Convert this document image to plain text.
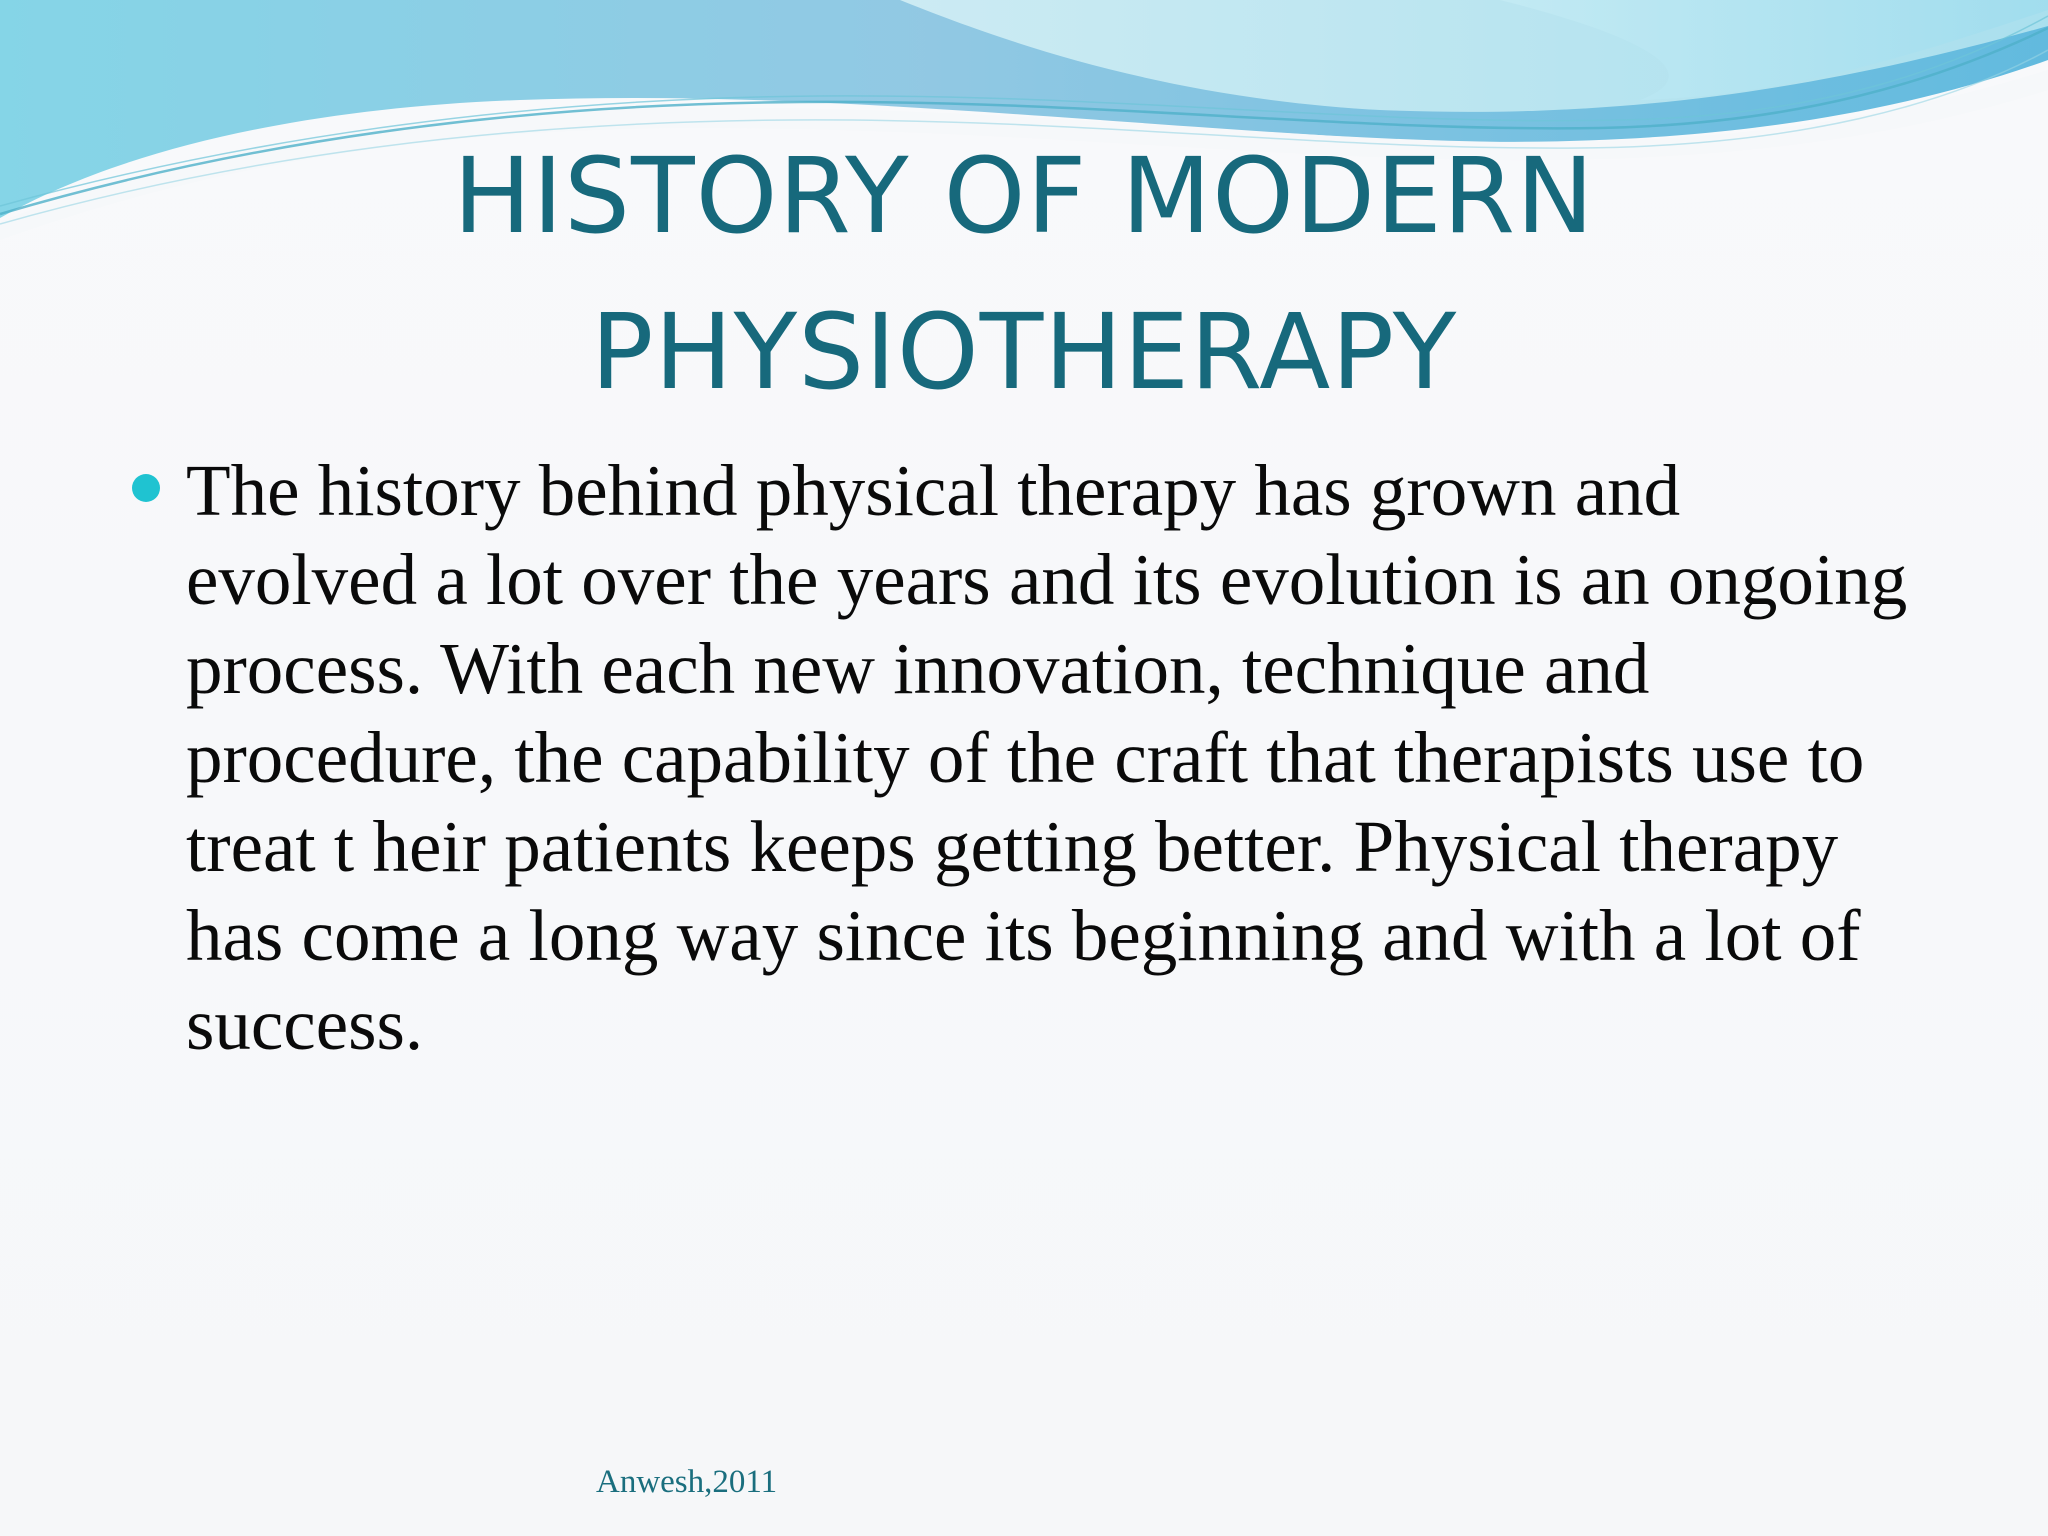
HISTORY OF MODERN
PHYSIOTHERAPY

The history behind physical therapy has grown and evolved a lot over the years and its evolution is an ongoing process. With each new innovation, technique and procedure, the capability of the craft that therapists use to treat t heir patients keeps getting better. Physical therapy has come a long way since its beginning and with a lot of success.

Anwesh,2011
